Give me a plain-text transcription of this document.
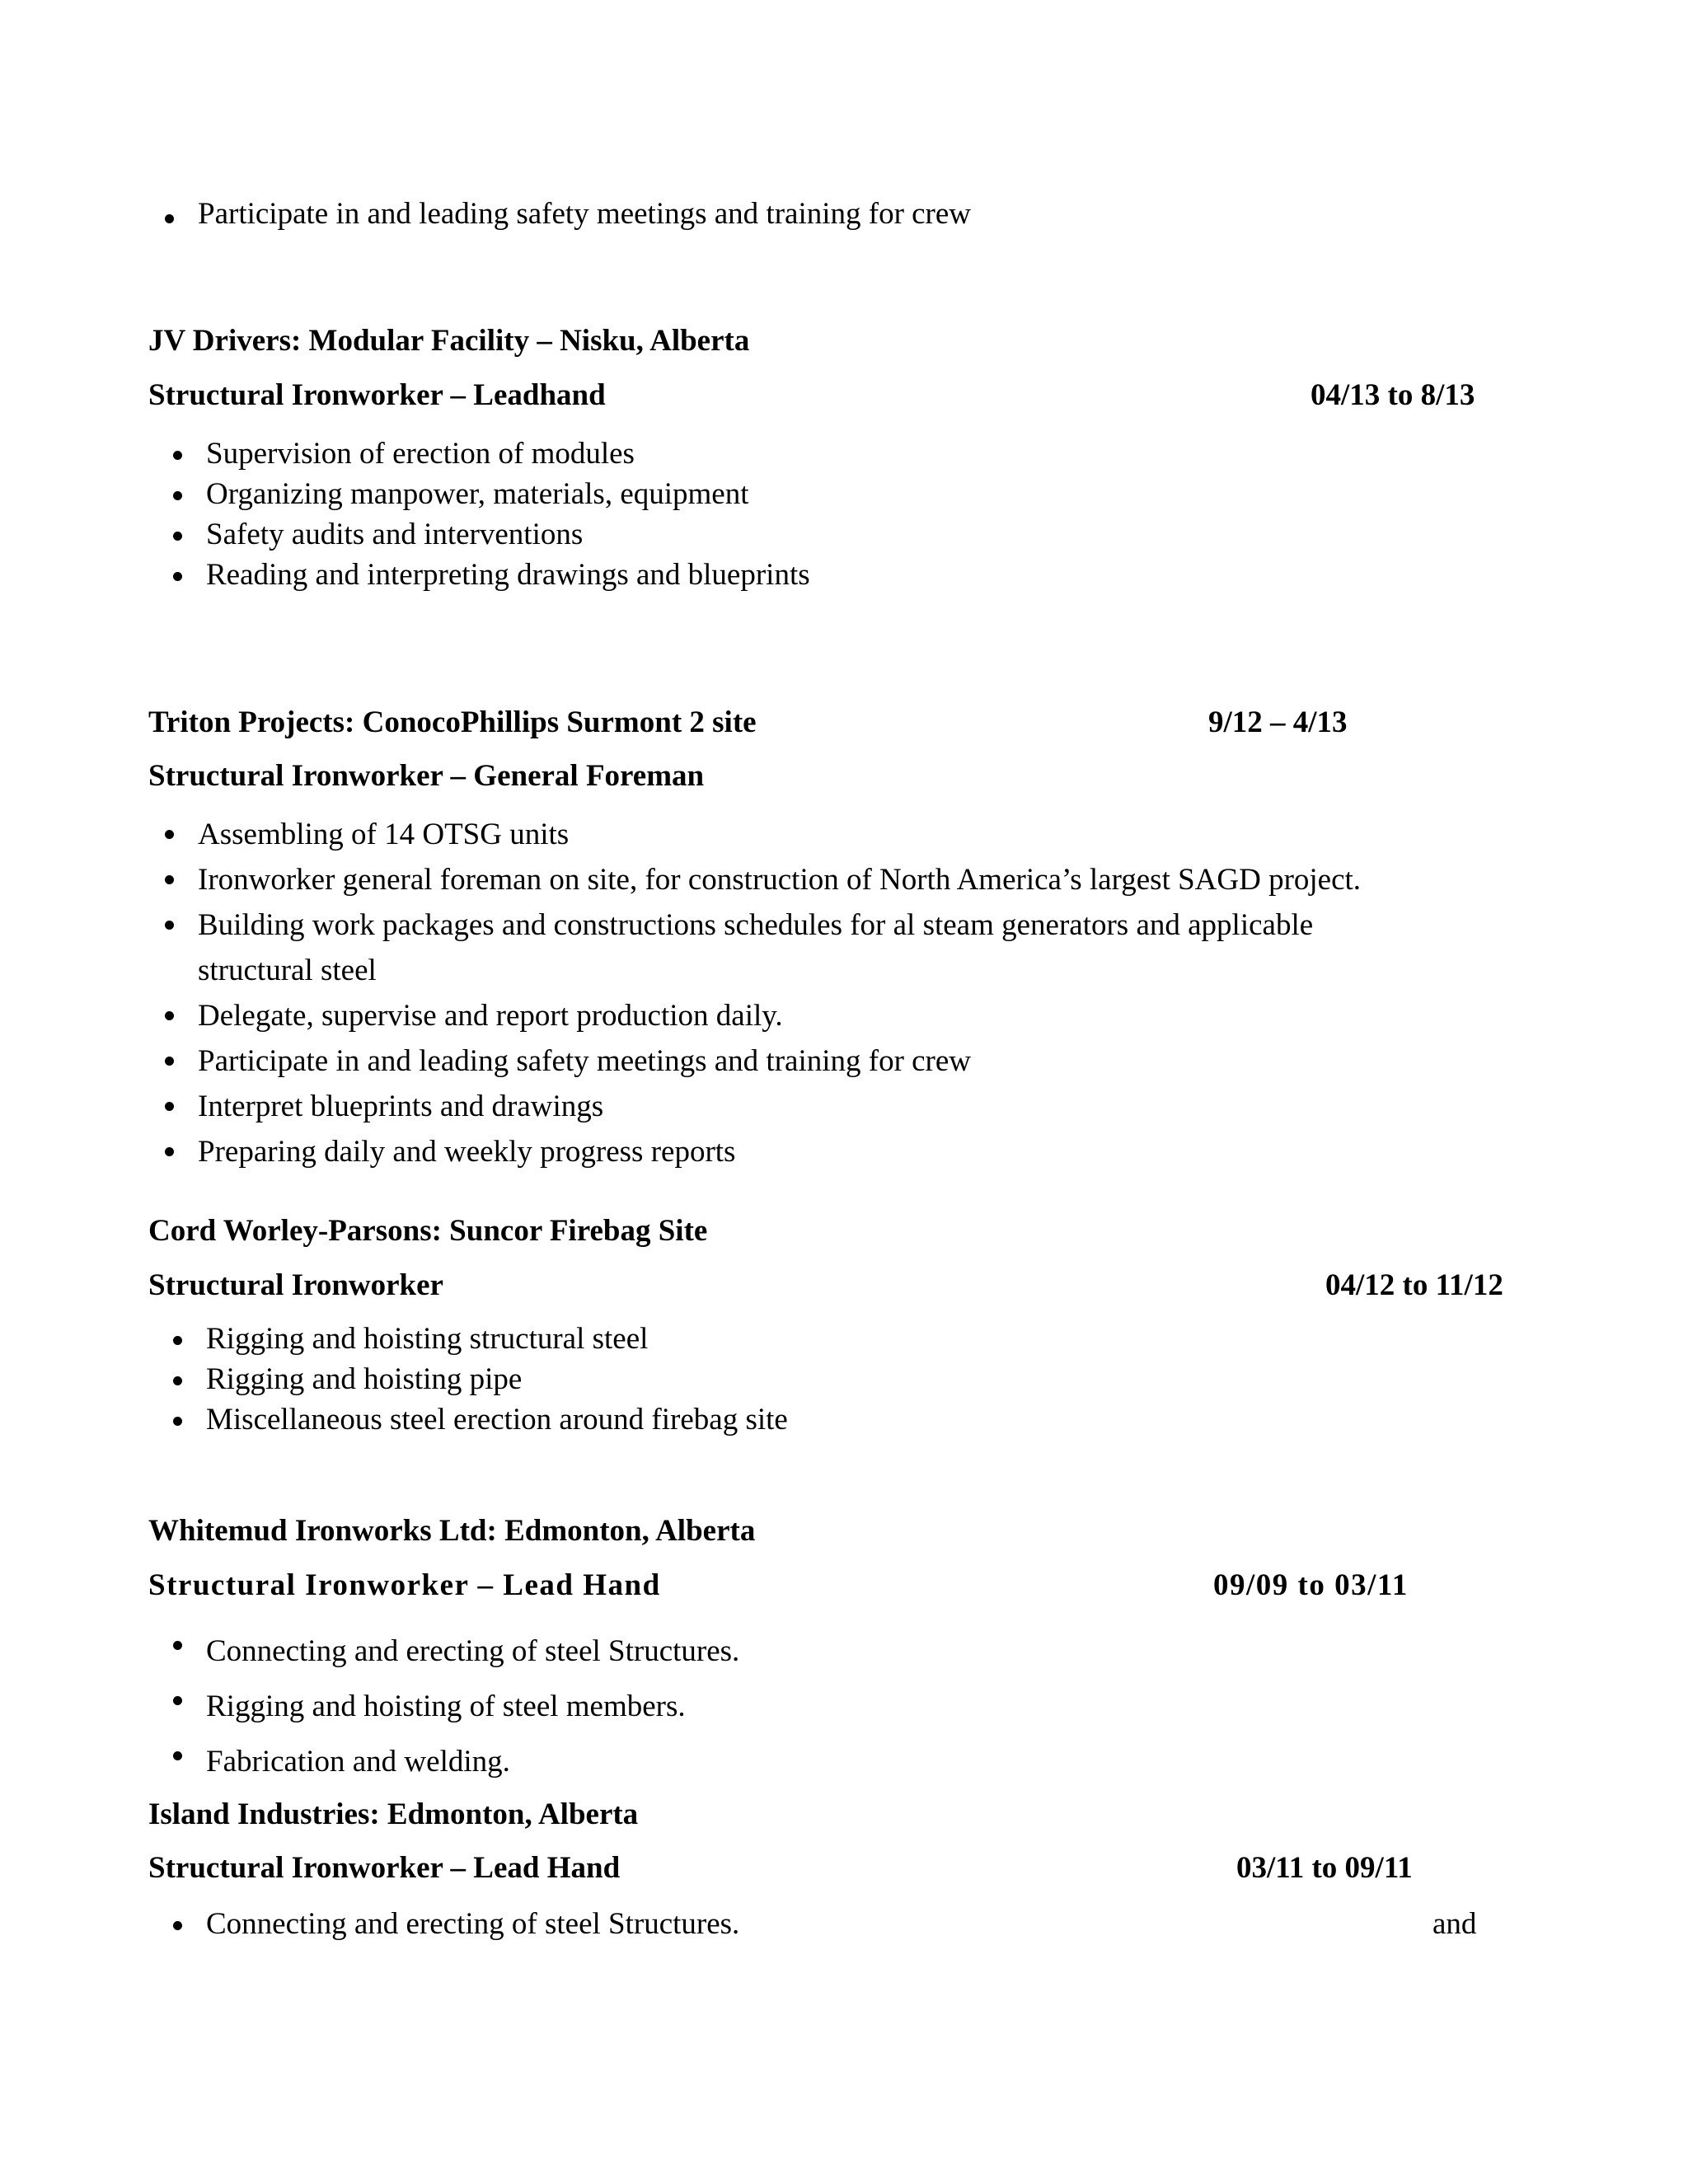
Participate in and leading safety meetings and training for crew
JV Drivers: Modular Facility – Nisku, Alberta
Structural Ironworker – Leadhand	04/13 to 8/13
Supervision of erection of modules
Organizing manpower, materials, equipment
Safety audits and interventions
Reading and interpreting drawings and blueprints
Triton Projects: ConocoPhillips Surmont 2 site	9/12 – 4/13
Structural Ironworker – General Foreman
Assembling of 14 OTSG units
Ironworker general foreman on site, for construction of North America’s largest SAGD project.
Building work packages and constructions schedules for al steam generators and applicable
structural steel
Delegate, supervise and report production daily.
Participate in and leading safety meetings and training for crew
Interpret blueprints and drawings
Preparing daily and weekly progress reports
Cord Worley-Parsons: Suncor Firebag Site
Structural Ironworker	04/12 to 11/12
Rigging and hoisting structural steel
Rigging and hoisting pipe
Miscellaneous steel erection around firebag site
Whitemud Ironworks Ltd: Edmonton, Alberta
Structural Ironworker – Lead Hand	09/09 to 03/11
Connecting and erecting of steel Structures.
Rigging and hoisting of steel members.
Fabrication and welding.
Island Industries: Edmonton, Alberta
Structural Ironworker – Lead Hand	03/11 to 09/11
Connecting and erecting of steel Structures.	and
